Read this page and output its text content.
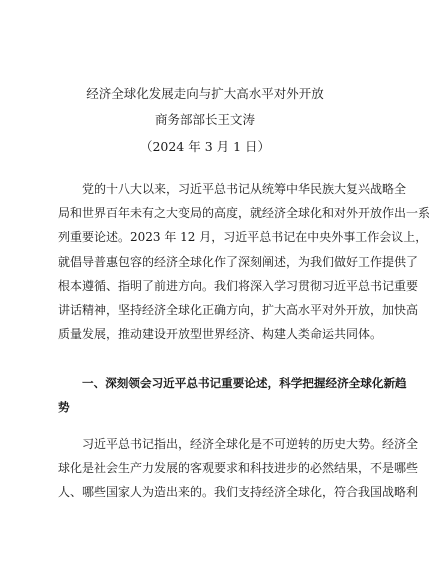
经济全球化发展走向与扩大高水平对外开放
商务部部长王文涛
（2024 年 3 月 1 日）
党的十八大以来，习近平总书记从统筹中华民族大复兴战略全
局和世界百年未有之大变局的高度，就经济全球化和对外开放作出一系
列重要论述。2023 年 12 月，习近平总书记在中央外事工作会议上，
就倡导普惠包容的经济全球化作了深刻阐述，为我们做好工作提供了
根本遵循、指明了前进方向。我们将深入学习贯彻习近平总书记重要
讲话精神，坚持经济全球化正确方向，扩大高水平对外开放，加快高
质量发展，推动建设开放型世界经济、构建人类命运共同体。
一、深刻领会习近平总书记重要论述，科学把握经济全球化新趋
势
习近平总书记指出，经济全球化是不可逆转的历史大势。经济全
球化是社会生产力发展的客观要求和科技进步的必然结果，不是哪些
人、哪些国家人为造出来的。我们支持经济全球化，符合我国战略利
